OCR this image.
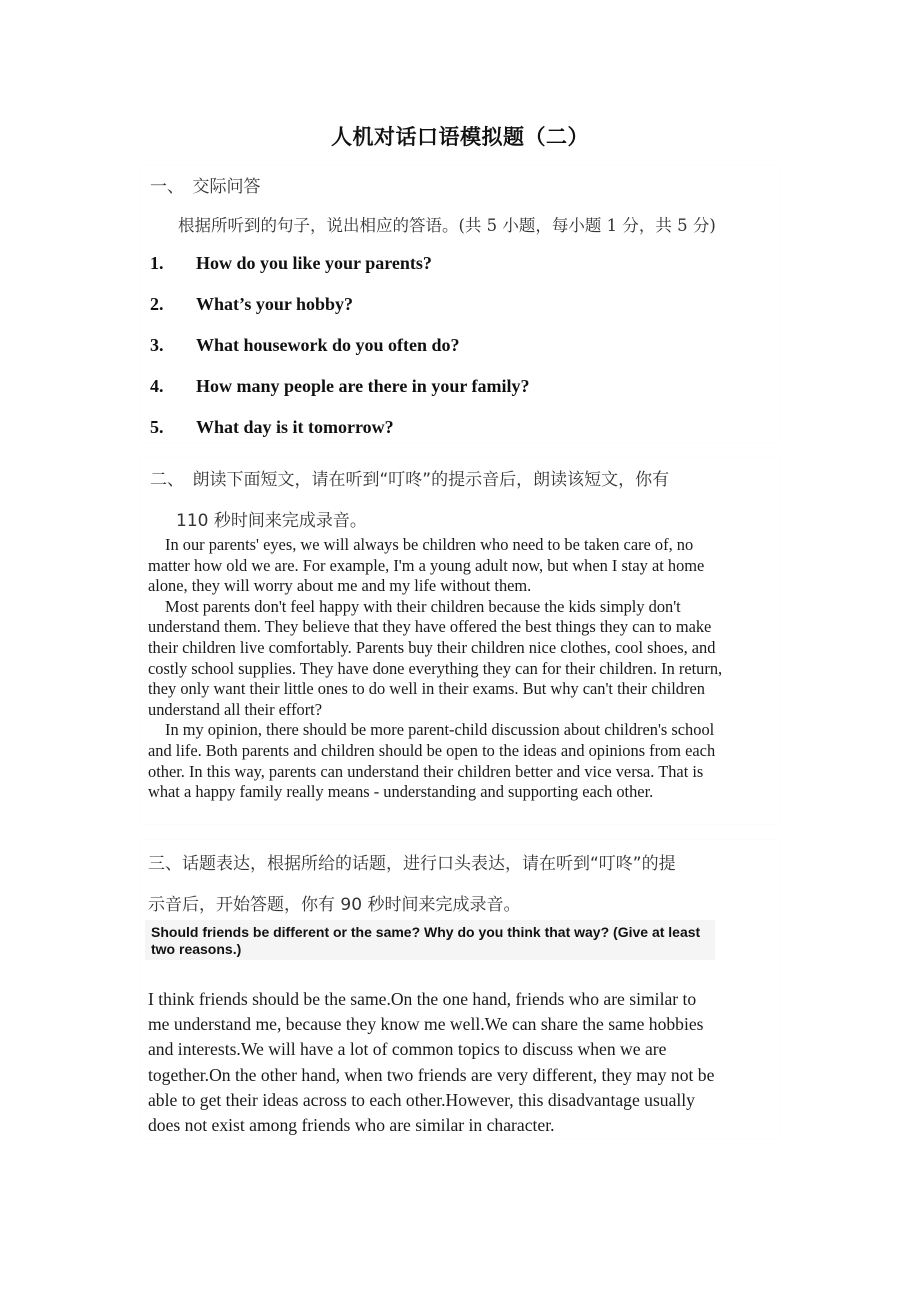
人机对话口语模拟题（二）
一、　交际问答
根据所听到的句子，说出相应的答语。(共 5 小题，每小题 1 分，共 5 分)
1. How do you like your parents?
2. What’s your hobby?
3. What housework do you often do?
4. How many people are there in your family?
5. What day is it tomorrow?
二、　朗读下面短文，请在听到“叮咚”的提示音后，朗读该短文，你有
110 秒时间来完成录音。

In our parents' eyes, we will always be children who need to be taken care of, no matter how old we are. For example, I'm a young adult now, but when I stay at home alone, they will worry about me and my life without them.

Most parents don't feel happy with their children because the kids simply don't understand them. They believe that they have offered the best things they can to make their children live comfortably. Parents buy their children nice clothes, cool shoes, and costly school supplies. They have done everything they can for their children. In return, they only want their little ones to do well in their exams. But why can't their children understand all their effort?

In my opinion, there should be more parent-child discussion about children's school and life. Both parents and children should be open to the ideas and opinions from each other. In this way, parents can understand their children better and vice versa. That is what a happy family really means - understanding and supporting each other.

三、话题表达，根据所给的话题，进行口头表达，请在听到“叮咚”的提
示音后，开始答题，你有 90 秒时间来完成录音。
Should friends be different or the same? Why do you think that way? (Give at least two reasons.)
I think friends should be the same.On the one hand, friends who are similar to me understand me, because they know me well.We can share the same hobbies and interests.We will have a lot of common topics to discuss when we are together.On the other hand, when two friends are very different, they may not be able to get their ideas across to each other.However, this disadvantage usually does not exist among friends who are similar in character.
